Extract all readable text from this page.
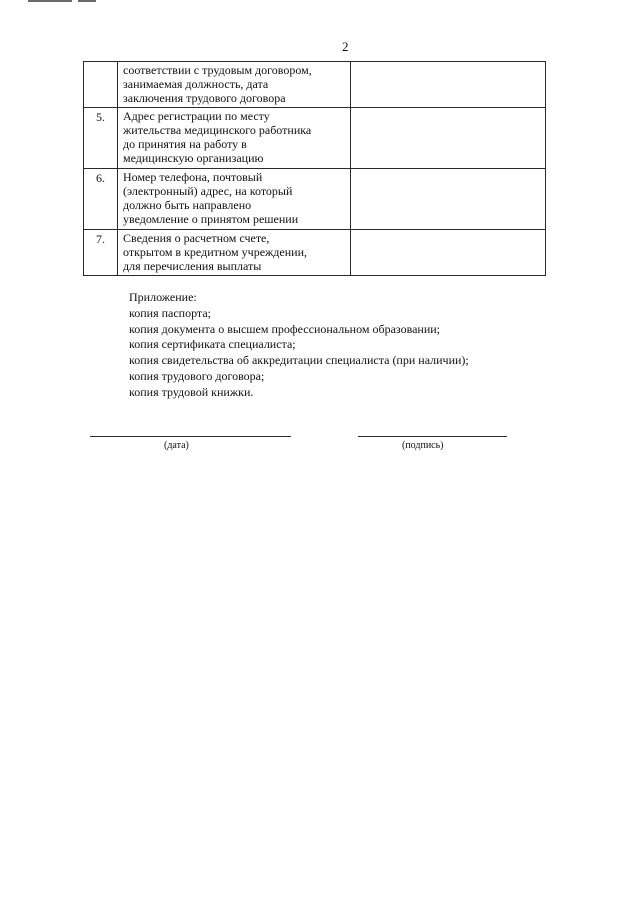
2

	соответствии с трудовым договором,
занимаемая должность, дата
заключения трудового договора	

5.	Адрес регистрации по месту
жительства медицинского работника
до принятия на работу в
медицинскую организацию	

6.	Номер телефона, почтовый
(электронный) адрес, на который
должно быть направлено
уведомление о принятом решении	

7.	Сведения о расчетном счете,
открытом в кредитном учреждении,
для перечисления выплаты	

Приложение:
копия паспорта;
копия документа о высшем профессиональном образовании;
копия сертификата специалиста;
копия свидетельства об аккредитации специалиста (при наличии);
копия трудового договора;
копия трудовой книжки.
(дата)	(подпись)
